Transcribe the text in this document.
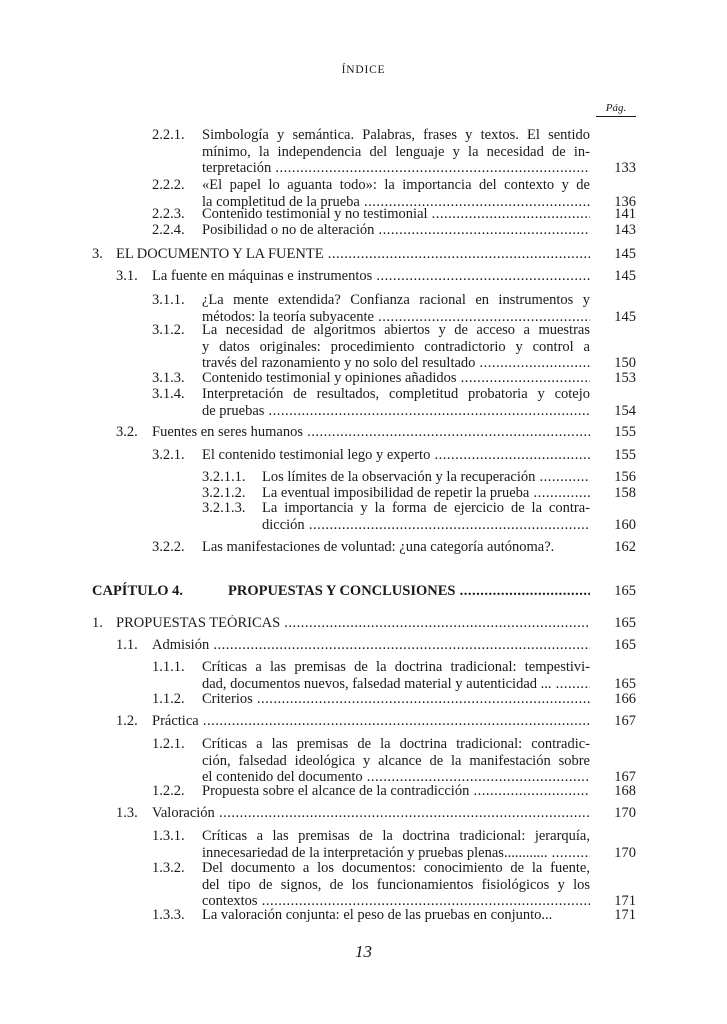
ÍNDICE
Pág.
2.2.1. Simbología y semántica. Palabras, frases y textos. El sentido
mínimo, la independencia del lenguaje y la necesidad de in-
terpretación .....	133
2.2.2. «El papel lo aguanta todo»: la importancia del contexto y de
la completitud de la prueba .....	136
2.2.3. Contenido testimonial y no testimonial .....	141
2.2.4. Posibilidad o no de alteración .....	143
3. EL DOCUMENTO Y LA FUENTE .....	145
3.1. La fuente en máquinas e instrumentos .....	145
3.1.1. ¿La mente extendida? Confianza racional en instrumentos y
métodos: la teoría subyacente .....	145
3.1.2. La necesidad de algoritmos abiertos y de acceso a muestras
y datos originales: procedimiento contradictorio y control a
través del razonamiento y no solo del resultado .....	150
3.1.3. Contenido testimonial y opiniones añadidos .....	153
3.1.4. Interpretación de resultados, completitud probatoria y cotejo
de pruebas .....	154
3.2. Fuentes en seres humanos .....	155
3.2.1. El contenido testimonial lego y experto .....	155
3.2.1.1. Los límites de la observación y la recuperación .....	156
3.2.1.2. La eventual imposibilidad de repetir la prueba .....	158
3.2.1.3. La importancia y la forma de ejercicio de la contra-
dicción .....	160
3.2.2. Las manifestaciones de voluntad: ¿una categoría autónoma?.	162
CAPÍTULO 4.	PROPUESTAS Y CONCLUSIONES .....	165
1. PROPUESTAS TEÓRICAS .....	165
1.1. Admisión .....	165
1.1.1. Críticas a las premisas de la doctrina tradicional: tempestivi-
dad, documentos nuevos, falsedad material y autenticidad ... .....	165
1.1.2. Criterios .....	166
1.2. Práctica .....	167
1.2.1. Críticas a las premisas de la doctrina tradicional: contradic-
ción, falsedad ideológica y alcance de la manifestación sobre
el contenido del documento .....	167
1.2.2. Propuesta sobre el alcance de la contradicción .....	168
1.3. Valoración .....	170
1.3.1. Críticas a las premisas de la doctrina tradicional: jerarquía,
innecesariedad de la interpretación y pruebas plenas............ .....	170
1.3.2. Del documento a los documentos: conocimiento de la fuente,
del tipo de signos, de los funcionamientos fisiológicos y los
contextos .....	171
1.3.3. La valoración conjunta: el peso de las pruebas en conjunto...	171
13
